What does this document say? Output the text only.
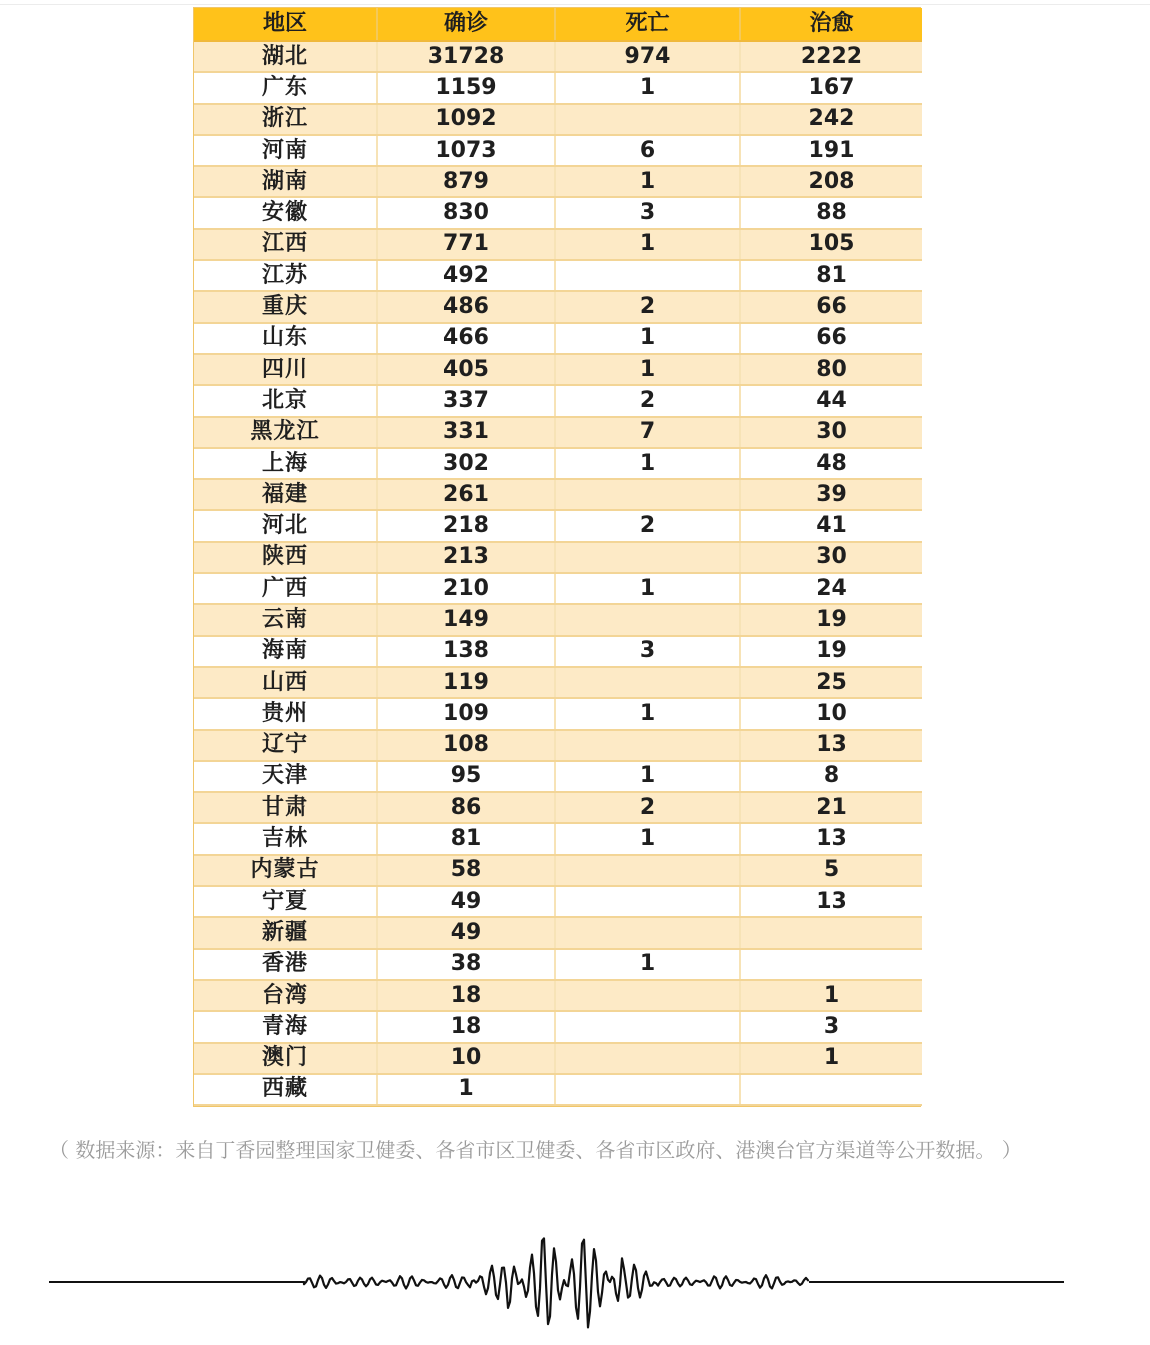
地区	确诊	死亡	治愈
湖北	31728	974	2222
广东	1159	1	167
浙江	1092		242
河南	1073	6	191
湖南	879	1	208
安徽	830	3	88
江西	771	1	105
江苏	492		81
重庆	486	2	66
山东	466	1	66
四川	405	1	80
北京	337	2	44
黑龙江	331	7	30
上海	302	1	48
福建	261		39
河北	218	2	41
陕西	213		30
广西	210	1	24
云南	149		19
海南	138	3	19
山西	119		25
贵州	109	1	10
辽宁	108		13
天津	95	1	8
甘肃	86	2	21
吉林	81	1	13
内蒙古	58		5
宁夏	49		13
新疆	49		
香港	38	1	
台湾	18		1
青海	18		3
澳门	10		1
西藏	1		

（ 数据来源：来自丁香园整理国家卫健委、各省市区卫健委、各省市区政府、港澳台官方渠道等公开数据。 ）
